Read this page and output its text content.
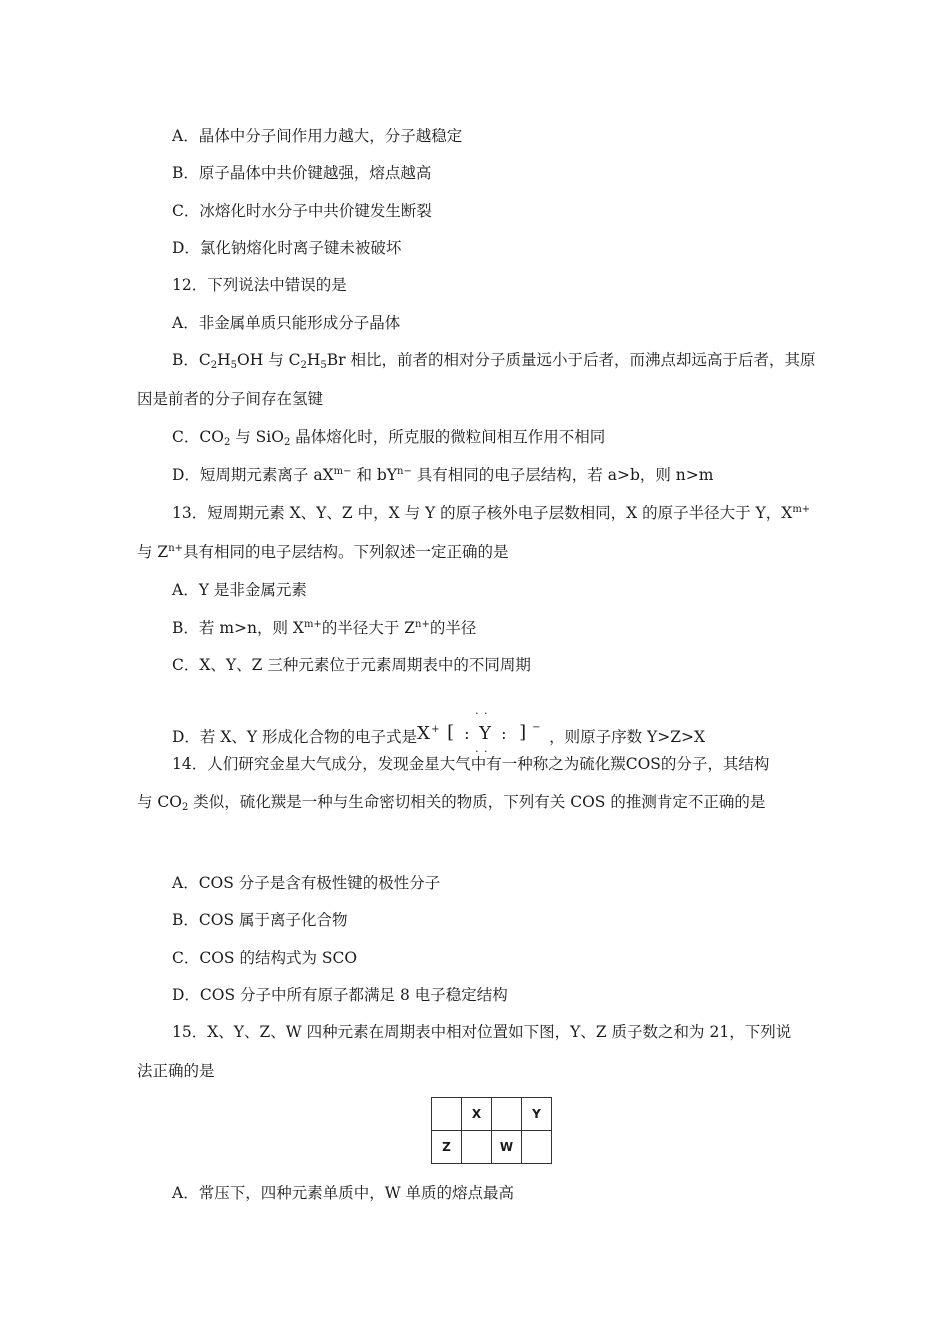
A．晶体中分子间作用力越大，分子越稳定
B．原子晶体中共价键越强，熔点越高
C．冰熔化时水分子中共价键发生断裂
D．氯化钠熔化时离子键未被破坏
12．下列说法中错误的是
A．非金属单质只能形成分子晶体
B．$C_2H_5OH$ 与 $C_2H_5Br$ 相比，前者的相对分子质量远小于后者，而沸点却远高于后者，其原
因是前者的分子间存在氢键
C．$CO_2$ 与 SiO$_2$ 晶体熔化时，所克服的微粒间相互作用不相同
D．短周期元素离子 $aX^{m-}$ 和 $bY^{n-}$ 具有相同的电子层结构，若 a>b，则 n>m
13．短周期元素 X、Y、Z 中，X 与 Y 的原子核外电子层数相同，X 的原子半径大于 Y，$X^{m+}$
与 $Z^{n+}$具有相同的电子层结构。下列叙述一定正确的是
A．Y 是非金属元素
B．若 m>n，则 $X^{m+}$的半径大于 $Z^{n+}$的半径
C．X、Y、Z 三种元素位于元素周期表中的不同周期
D．若 X、Y 形成化合物的电子式是 X + [
· ·
: Y :
· ·
] −
，则原子序数 Y>Z>X
14．人们研究金星大气成分，发现金星大气中有一种称之为硫化羰COS的分子，其结构
与 $CO_2$ 类似，硫化羰是一种与生命密切相关的物质，下列有关 COS 的推测肯定不正确的是
A．COS 分子是含有极性键的极性分子
B．COS 属于离子化合物
C．COS 的结构式为 SCO
D．COS 分子中所有原子都满足 8 电子稳定结构
15．X、Y、Z、W 四种元素在周期表中相对位置如下图，Y、Z 质子数之和为 21，下列说
法正确的是
	X		Y
Z		W	
A．常压下，四种元素单质中，W 单质的熔点最高
